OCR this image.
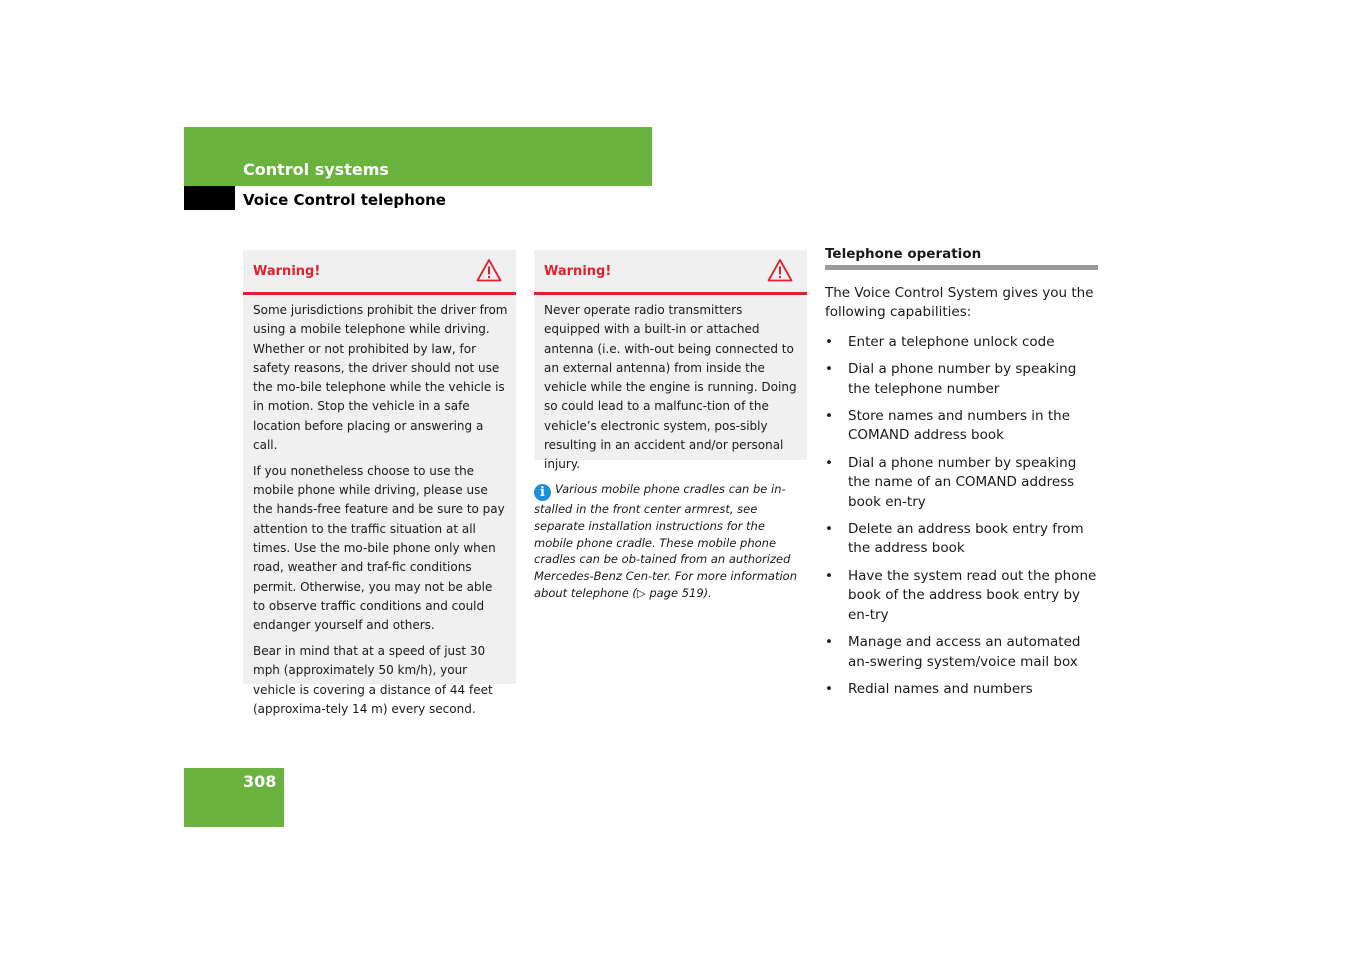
Control systems
Voice Control telephone
Warning!

Some jurisdictions prohibit the driver from using a mobile telephone while driving. Whether or not prohibited by law, for safety reasons, the driver should not use the mo-bile telephone while the vehicle is in motion. Stop the vehicle in a safe location before placing or answering a call.

If you nonetheless choose to use the mobile phone while driving, please use the hands-free feature and be sure to pay attention to the traffic situation at all times. Use the mo-bile phone only when road, weather and traf-fic conditions permit. Otherwise, you may not be able to observe traffic conditions and could endanger yourself and others.

Bear in mind that at a speed of just 30 mph (approximately 50 km/h), your vehicle is covering a distance of 44 feet (approxima-tely 14 m) every second.

Warning!

Never operate radio transmitters equipped with a built-in or attached antenna (i.e. with-out being connected to an external antenna) from inside the vehicle while the engine is running. Doing so could lead to a malfunc-tion of the vehicle’s electronic system, pos-sibly resulting in an accident and/or personal injury.

i Various mobile phone cradles can be in-stalled in the front center armrest, see separate installation instructions for the mobile phone cradle. These mobile phone cradles can be ob-tained from an authorized Mercedes-Benz Cen-ter. For more information about telephone (▷ page 519).
Telephone operation
The Voice Control System gives you the following capabilities:
• Enter a telephone unlock code
• Dial a phone number by speaking the telephone number
• Store names and numbers in the COMAND address book
• Dial a phone number by speaking the name of an COMAND address book en-try
• Delete an address book entry from the address book
• Have the system read out the phone book of the address book entry by en-try
• Manage and access an automated an-swering system/voice mail box
• Redial names and numbers
308
